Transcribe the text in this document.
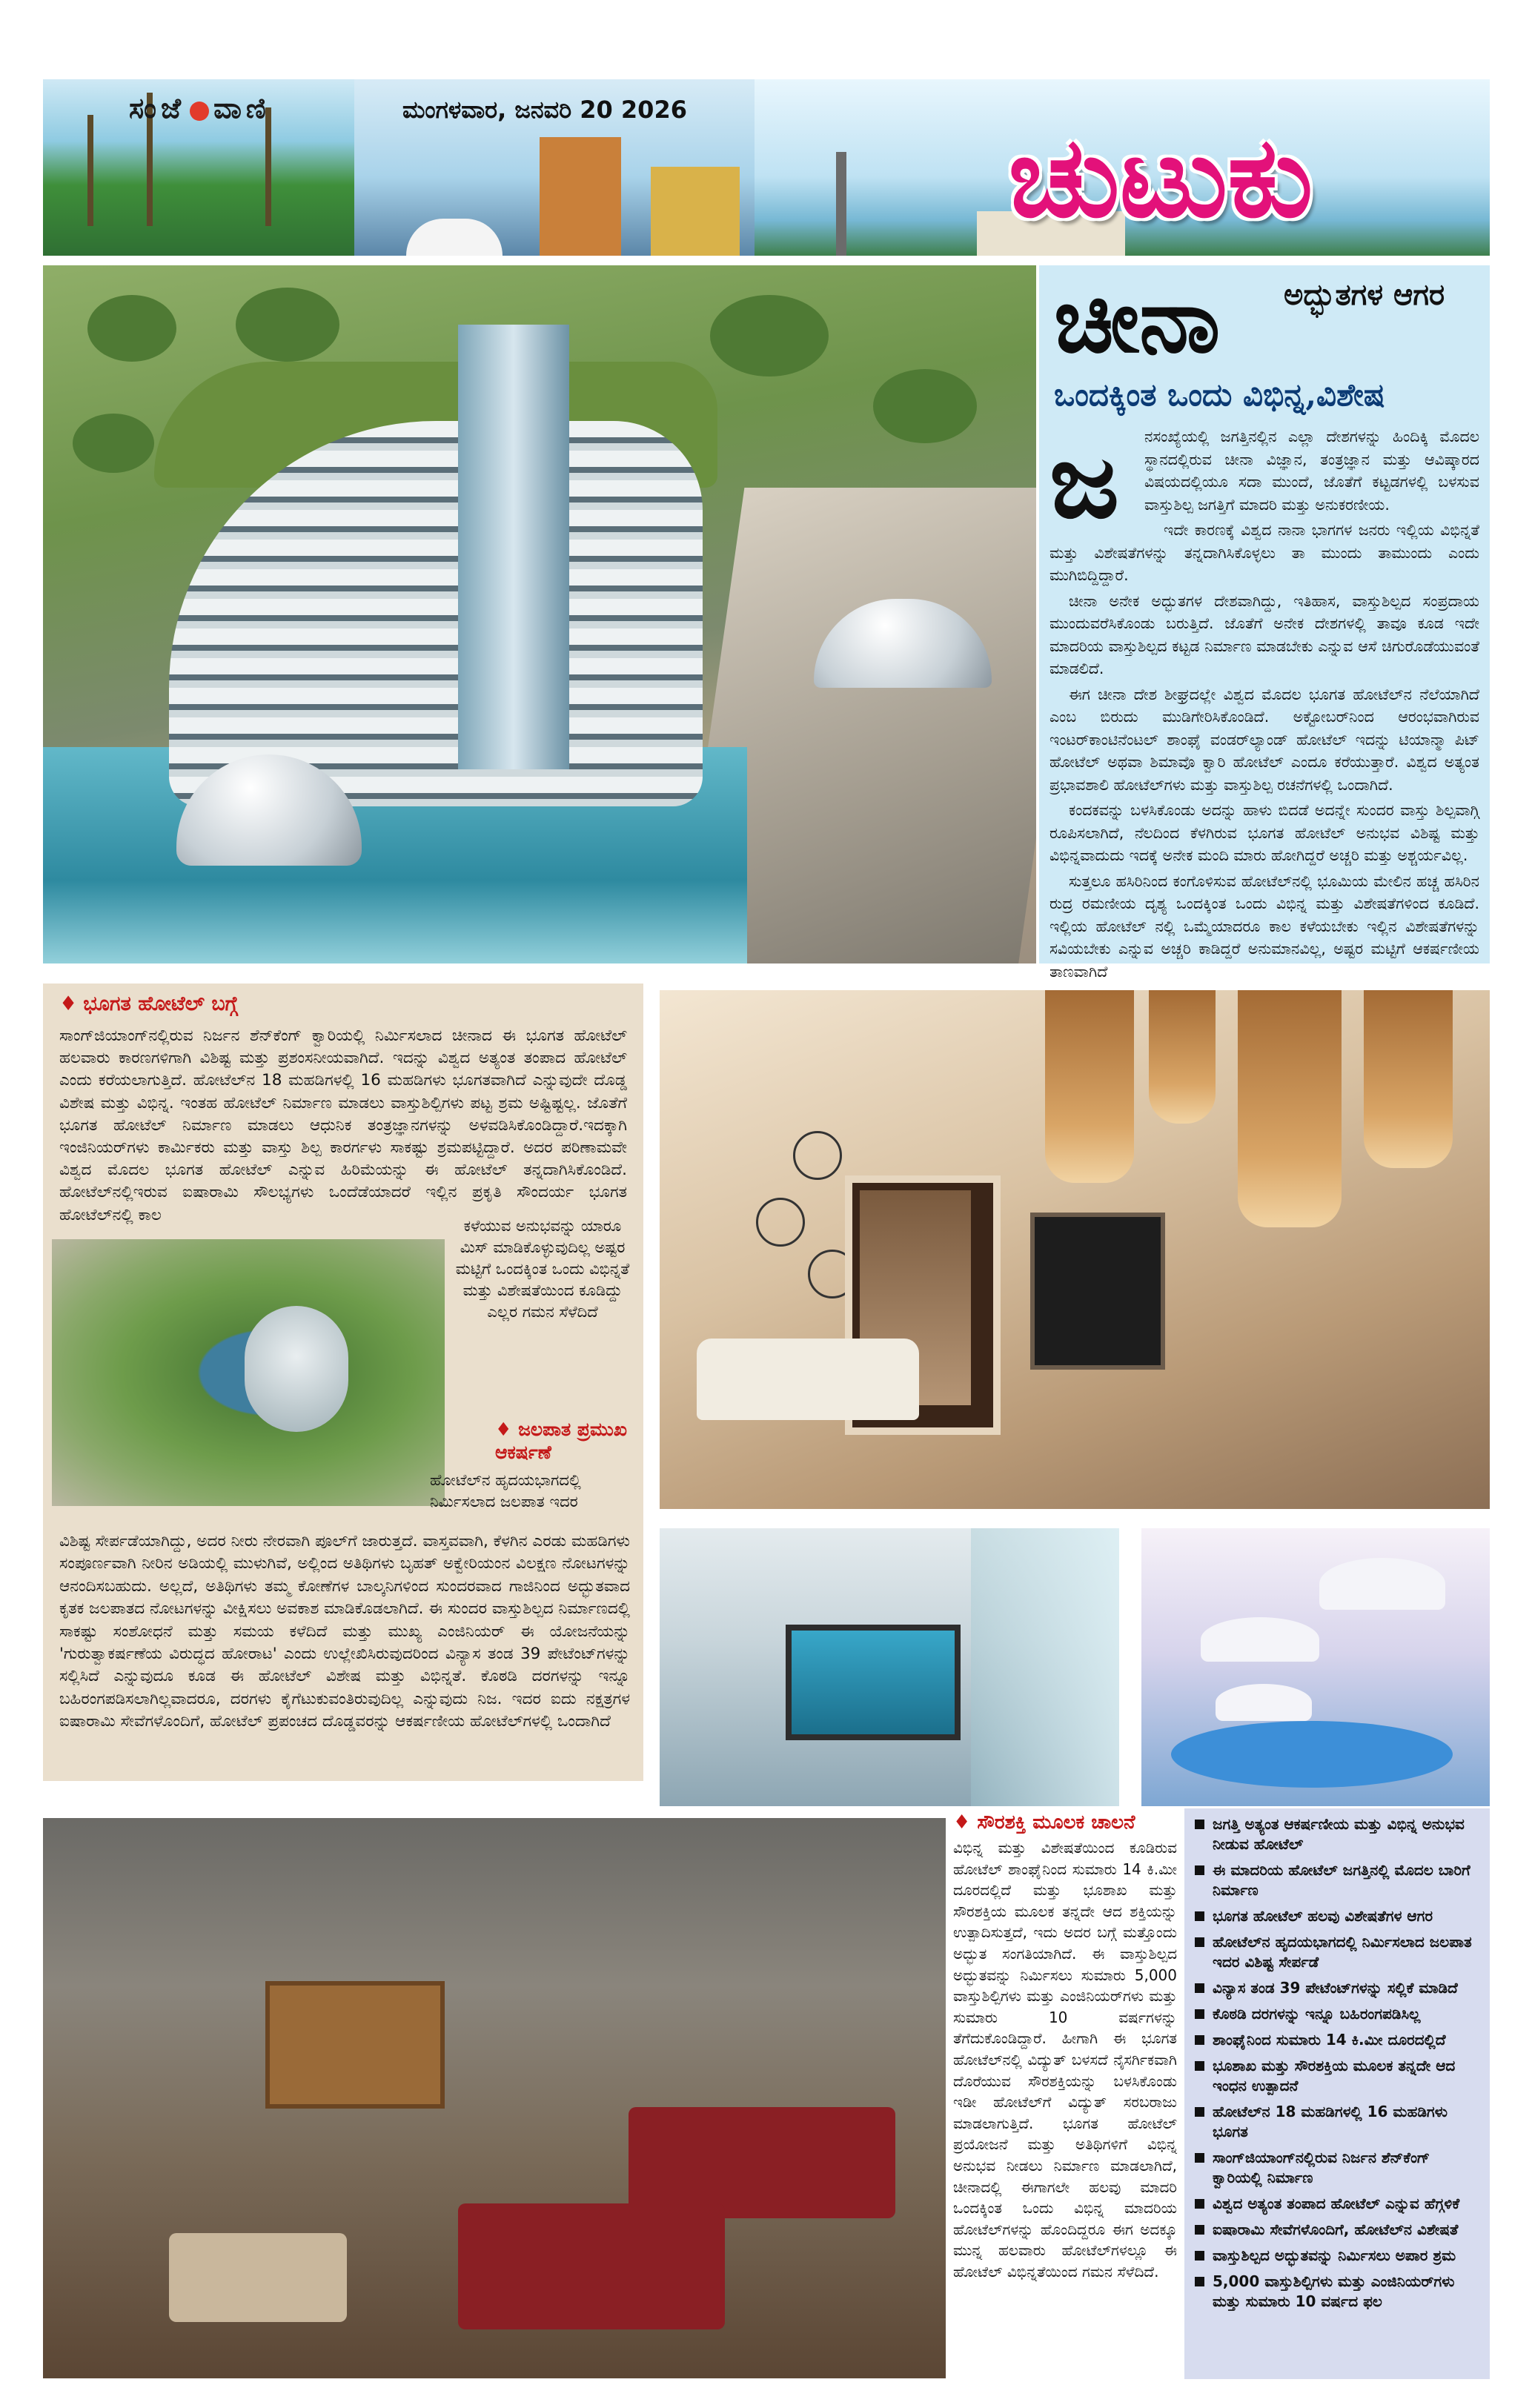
ಸಂಜೆ ವಾಣಿ	ಮಂಗಳವಾರ, ಜನವರಿ 20 2026
ಚುಟುಕು
ಚೀನಾ ಅದ್ಭುತಗಳ ಆಗರ
ಒಂದಕ್ಕಿಂತ ಒಂದು ವಿಭಿನ್ನ,ವಿಶೇಷ
ಜ	ನಸಂಖ್ಯೆಯಲ್ಲಿ ಜಗತ್ತಿನಲ್ಲಿನ ಎಲ್ಲಾ ದೇಶಗಳನ್ನು ಹಿಂದಿಕ್ಕಿ ಮೊದಲ ಸ್ಥಾನದಲ್ಲಿರುವ ಚೀನಾ ವಿಜ್ಞಾನ, ತಂತ್ರಜ್ಞಾನ ಮತ್ತು ಆವಿಷ್ಕಾರದ ವಿಷಯದಲ್ಲಿಯೂ ಸದಾ ಮುಂದೆ, ಜೊತೆಗೆ ಕಟ್ಟಡಗಳಲ್ಲಿ ಬಳಸುವ ವಾಸ್ತುಶಿಲ್ಪ ಜಗತ್ತಿಗೆ ಮಾದರಿ ಮತ್ತು ಅನುಕರಣೀಯ.

ಇದೇ ಕಾರಣಕ್ಕೆ ವಿಶ್ವದ ನಾನಾ ಭಾಗಗಳ ಜನರು ಇಲ್ಲಿಯ ವಿಭಿನ್ನತೆ ಮತ್ತು ವಿಶೇಷತೆಗಳನ್ನು ತನ್ನದಾಗಿಸಿಕೊಳ್ಳಲು ತಾ ಮುಂದು ತಾಮುಂದು ಎಂದು ಮುಗಿಬಿದ್ದಿದ್ದಾರೆ.

ಚೀನಾ ಅನೇಕ ಅದ್ಭುತಗಳ ದೇಶವಾಗಿದ್ದು, ಇತಿಹಾಸ, ವಾಸ್ತುಶಿಲ್ಪದ ಸಂಪ್ರದಾಯ ಮುಂದುವರೆಸಿಕೊಂಡು ಬರುತ್ತಿದೆ. ಜೊತೆಗೆ ಅನೇಕ ದೇಶಗಳಲ್ಲಿ ತಾವೂ ಕೂಡ ಇದೇ ಮಾದರಿಯ ವಾಸ್ತುಶಿಲ್ಪದ ಕಟ್ಟಡ ನಿರ್ಮಾಣ ಮಾಡಬೇಕು ಎನ್ನುವ ಆಸೆ ಚಿಗುರೊಡೆಯುವಂತೆ ಮಾಡಲಿದೆ.

ಈಗ ಚೀನಾ ದೇಶ ಶೀಘ್ರದಲ್ಲೇ ವಿಶ್ವದ ಮೊದಲ ಭೂಗತ ಹೋಟೆಲ್‌ನ ನೆಲೆಯಾಗಿದೆ ಎಂಬ ಬಿರುದು ಮುಡಿಗೇರಿಸಿಕೊಂಡಿದೆ. ಅಕ್ಟೋಬರ್‌ನಿಂದ ಆರಂಭವಾಗಿರುವ ಇಂಟರ್‌ಕಾಂಟಿನೆಂಟಲ್ ಶಾಂಘೈ ವಂಡರ್‌ಲ್ಯಾಂಡ್ ಹೋಟೆಲ್ ಇದನ್ನು ಟಿಯಾನ್ಮಾ ಪಿಟ್ ಹೋಟೆಲ್ ಅಥವಾ ಶಿಮಾವೊ ಕ್ವಾರಿ ಹೋಟೆಲ್ ಎಂದೂ ಕರೆಯುತ್ತಾರೆ. ವಿಶ್ವದ ಅತ್ಯಂತ ಪ್ರಭಾವಶಾಲಿ ಹೋಟೆಲ್‌ಗಳು ಮತ್ತು ವಾಸ್ತುಶಿಲ್ಪ ರಚನೆಗಳಲ್ಲಿ ಒಂದಾಗಿದೆ.

ಕಂದಕವನ್ನು ಬಳಸಿಕೊಂಡು ಅದನ್ನು ಹಾಳು ಬಿದಡೆ ಅದನ್ನೇ ಸುಂದರ ವಾಸ್ತು ಶಿಲ್ಪವಾಗ್ಗಿ ರೂಪಿಸಲಾಗಿದೆ, ನೆಲದಿಂದ ಕೆಳಗಿರುವ ಭೂಗತ ಹೋಟೆಲ್ ಅನುಭವ ವಿಶಿಷ್ಟ ಮತ್ತು ವಿಭಿನ್ನವಾದುದು ಇದಕ್ಕೆ ಅನೇಕ ಮಂದಿ ಮಾರು ಹೋಗಿದ್ದರೆ ಅಚ್ಚರಿ ಮತ್ತು ಅಶ್ಚರ್ಯವಿಲ್ಲ.

ಸುತ್ತಲೂ ಹಸಿರಿನಿಂದ ಕಂಗೊಳಿಸುವ ಹೋಟೆಲ್‌ನಲ್ಲಿ ಭೂಮಿಯ ಮೇಲಿನ ಹಚ್ಚ ಹಸಿರಿನ ರುದ್ರ ರಮಣೀಯ ದೃಶ್ಯ ಒಂದಕ್ಕಿಂತ ಒಂದು ವಿಭಿನ್ನ ಮತ್ತು ವಿಶೇಷತೆಗಳಿಂದ ಕೂಡಿದೆ. ಇಲ್ಲಿಯ ಹೋಟೆಲ್ ನಲ್ಲಿ ಒಮ್ಮೆಯಾದರೂ ಕಾಲ ಕಳೆಯಬೇಕು ಇಲ್ಲಿನ ವಿಶೇಷತೆಗಳನ್ನು ಸವಿಯಬೇಕು ಎನ್ನುವ ಅಚ್ಚರಿ ಕಾಡಿದ್ದರೆ ಅನುಮಾನವಿಲ್ಲ, ಅಷ್ಟರ ಮಟ್ಟಿಗೆ ಆಕರ್ಷಣೀಯ ತಾಣವಾಗಿದೆ

♦ ಭೂಗತ ಹೋಟೆಲ್ ಬಗ್ಗೆ

ಸಾಂಗ್‌ಜಿಯಾಂಗ್‌ನಲ್ಲಿರುವ ನಿರ್ಜನ ಶೆನ್‌ಕೆಂಗ್ ಕ್ವಾರಿಯಲ್ಲಿ ನಿರ್ಮಿಸಲಾದ ಚೀನಾದ ಈ ಭೂಗತ ಹೋಟೆಲ್ ಹಲವಾರು ಕಾರಣಗಳಿಗಾಗಿ ವಿಶಿಷ್ಟ ಮತ್ತು ಪ್ರಶಂಸನೀಯವಾಗಿದೆ. ಇದನ್ನು ವಿಶ್ವದ ಅತ್ಯಂತ ತಂಪಾದ ಹೋಟೆಲ್ ಎಂದು ಕರೆಯಲಾಗುತ್ತಿದೆ. ಹೋಟೆಲ್‌ನ 18 ಮಹಡಿಗಳಲ್ಲಿ 16 ಮಹಡಿಗಳು ಭೂಗತವಾಗಿದೆ ಎನ್ನುವುದೇ ದೊಡ್ಡ ವಿಶೇಷ ಮತ್ತು ವಿಭಿನ್ನ. ಇಂತಹ ಹೋಟೆಲ್ ನಿರ್ಮಾಣ ಮಾಡಲು ವಾಸ್ತುಶಿಲ್ಪಿಗಳು ಪಟ್ಟ ಶ್ರಮ ಅಷ್ಟಿಷ್ಟಲ್ಲ. ಜೊತೆಗೆ ಭೂಗತ ಹೋಟೆಲ್ ನಿರ್ಮಾಣ ಮಾಡಲು ಆಧುನಿಕ ತಂತ್ರಜ್ಞಾನಗಳನ್ನು ಅಳವಡಿಸಿಕೊಂಡಿದ್ದಾರೆ.ಇದಕ್ಕಾಗಿ ಇಂಜಿನಿಯರ್‌ಗಳು ಕಾರ್ಮಿಕರು ಮತ್ತು ವಾಸ್ತು ಶಿಲ್ಪ ಕಾರರ್ಗಳು ಸಾಕಷ್ಟು ಶ್ರಮಪಟ್ಟಿದ್ದಾರೆ. ಅದರ ಪರಿಣಾಮವೇ ವಿಶ್ವದ ಮೊದಲ ಭೂಗತ ಹೋಟೆಲ್ ಎನ್ನುವ ಹಿರಿಮೆಯನ್ನು ಈ ಹೋಟೆಲ್ ತನ್ನದಾಗಿಸಿಕೊಂಡಿದೆ. ಹೋಟೆಲ್‌ನಲ್ಲಿಇರುವ ಐಷಾರಾಮಿ ಸೌಲಭ್ಯಗಳು ಒಂದೆಡೆಯಾದರೆ ಇಲ್ಲಿನ ಪ್ರಕೃತಿ ಸೌಂದರ್ಯ ಭೂಗತ ಹೋಟೆಲ್‌ನಲ್ಲಿ ಕಾಲ

ಕಳೆಯುವ ಅನುಭವನ್ನು ಯಾರೂ ಮಿಸ್ ಮಾಡಿಕೊಳ್ಳುವುದಿಲ್ಲ ಅಷ್ಟರ ಮಟ್ಟಿಗೆ ಒಂದಕ್ಕಿಂತ ಒಂದು ವಿಭಿನ್ನತೆ ಮತ್ತು ವಿಶೇಷತೆಯಿಂದ ಕೂಡಿದ್ದು ಎಲ್ಲರ ಗಮನ ಸೆಳೆದಿದೆ
♦ ಜಲಪಾತ ಪ್ರಮುಖ ಆಕರ್ಷಣೆ
ಹೋಟೆಲ್‌ನ ಹೃದಯಭಾಗದಲ್ಲಿ ನಿರ್ಮಿಸಲಾದ ಜಲಪಾತ ಇದರ

ವಿಶಿಷ್ಟ ಸೇರ್ಪಡೆಯಾಗಿದ್ದು, ಅದರ ನೀರು ನೇರವಾಗಿ ಪೂಲ್‌ಗೆ ಜಾರುತ್ತದೆ. ವಾಸ್ತವವಾಗಿ, ಕೆಳಗಿನ ಎರಡು ಮಹಡಿಗಳು ಸಂಪೂರ್ಣವಾಗಿ ನೀರಿನ ಅಡಿಯಲ್ಲಿ ಮುಳುಗಿವೆ, ಅಲ್ಲಿಂದ ಅತಿಥಿಗಳು ಬೃಹತ್ ಅಕ್ವೇರಿಯಂನ ವಿಲಕ್ಷಣ ನೋಟಗಳನ್ನು ಆನಂದಿಸಬಹುದು. ಅಲ್ಲದೆ, ಅತಿಥಿಗಳು ತಮ್ಮ ಕೋಣೆಗಳ ಬಾಲ್ಕನಿಗಳಿಂದ ಸುಂದರವಾದ ಗಾಜಿನಿಂದ ಅದ್ಭುತವಾದ ಕೃತಕ ಜಲಪಾತದ ನೋಟಗಳನ್ನು ವೀಕ್ಷಿಸಲು ಅವಕಾಶ ಮಾಡಿಕೊಡಲಾಗಿದೆ. ಈ ಸುಂದರ ವಾಸ್ತುಶಿಲ್ಪದ ನಿರ್ಮಾಣದಲ್ಲಿ ಸಾಕಷ್ಟು ಸಂಶೋಧನೆ ಮತ್ತು ಸಮಯ ಕಳೆದಿದೆ ಮತ್ತು ಮುಖ್ಯ ಎಂಜಿನಿಯರ್ ಈ ಯೋಜನೆಯನ್ನು 'ಗುರುತ್ವಾಕರ್ಷಣೆಯ ವಿರುದ್ಧದ ಹೋರಾಟ' ಎಂದು ಉಲ್ಲೇಖಿಸಿರುವುದರಿಂದ ವಿನ್ಯಾಸ ತಂಡ 39 ಪೇಟೆಂಟ್‌ಗಳನ್ನು ಸಲ್ಲಿಸಿದೆ ಎನ್ನುವುದೂ ಕೂಡ ಈ ಹೋಟೆಲ್ ವಿಶೇಷ ಮತ್ತು ವಿಭಿನ್ನತೆ. ಕೊಠಡಿ ದರಗಳನ್ನು ಇನ್ನೂ ಬಹಿರಂಗಪಡಿಸಲಾಗಿಲ್ಲವಾದರೂ, ದರಗಳು ಕೈಗೆಟುಕುವಂತಿರುವುದಿಲ್ಲ ಎನ್ನುವುದು ನಿಜ. ಇದರ ಐದು ನಕ್ಷತ್ರಗಳ ಐಷಾರಾಮಿ ಸೇವೆಗಳೊಂದಿಗೆ, ಹೋಟೆಲ್ ಪ್ರಪಂಚದ ದೊಡ್ಡವರನ್ನು ಆಕರ್ಷಣೀಯ ಹೋಟೆಲ್‌ಗಳಲ್ಲಿ ಒಂದಾಗಿದೆ

♦ ಸೌರಶಕ್ತಿ ಮೂಲಕ ಚಾಲನೆ
ವಿಭಿನ್ನ ಮತ್ತು ವಿಶೇಷತೆಯಿಂದ ಕೂಡಿರುವ ಹೋಟೆಲ್ ಶಾಂಘೈನಿಂದ ಸುಮಾರು 14 ಕಿ.ಮೀ ದೂರದಲ್ಲಿದೆ ಮತ್ತು ಭೂಶಾಖ ಮತ್ತು ಸೌರಶಕ್ತಿಯ ಮೂಲಕ ತನ್ನದೇ ಆದ ಶಕ್ತಿಯನ್ನು ಉತ್ಪಾದಿಸುತ್ತದೆ, ಇದು ಅದರ ಬಗ್ಗೆ ಮತ್ತೊಂದು ಅದ್ಭುತ ಸಂಗತಿಯಾಗಿದೆ. ಈ ವಾಸ್ತುಶಿಲ್ಪದ ಅದ್ಭುತವನ್ನು ನಿರ್ಮಿಸಲು ಸುಮಾರು 5,000 ವಾಸ್ತುಶಿಲ್ಪಿಗಳು ಮತ್ತು ಎಂಜಿನಿಯರ್‌ಗಳು ಮತ್ತು ಸುಮಾರು 10 ವರ್ಷಗಳನ್ನು ತೆಗೆದುಕೊಂಡಿದ್ದಾರೆ. ಹೀಗಾಗಿ ಈ ಭೂಗತ ಹೋಟೆಲ್‌ನಲ್ಲಿ ವಿದ್ಯುತ್ ಬಳಸದೆ ನೈಸರ್ಗಿಕವಾಗಿ ದೊರೆಯುವ ಸೌರಶಕ್ತಿಯನ್ನು ಬಳಸಿಕೊಂಡು ಇಡೀ ಹೋಟೆಲ್‌ಗೆ ವಿದ್ಯುತ್ ಸರಬರಾಜು ಮಾಡಲಾಗುತ್ತಿದೆ. ಭೂಗತ ಹೋಟೆಲ್ ಪ್ರಯೋಜನೆ ಮತ್ತು ಅತಿಥಿಗಳಿಗೆ ವಿಭಿನ್ನ ಅನುಭವ ನೀಡಲು ನಿರ್ಮಾಣ ಮಾಡಲಾಗಿದೆ, ಚೀನಾದಲ್ಲಿ ಈಗಾಗಲೇ ಹಲವು ಮಾದರಿ ಒಂದಕ್ಕಿಂತ ಒಂದು ವಿಭಿನ್ನ ಮಾದರಿಯ ಹೋಟೆಲ್‌ಗಳನ್ನು ಹೊಂದಿದ್ದರೂ ಈಗ ಅದಕ್ಕೂ ಮುನ್ನ ಹಲವಾರು ಹೋಟೆಲ್‌ಗಳಲ್ಲೂ ಈ ಹೋಟೆಲ್ ವಿಭಿನ್ನತೆಯಿಂದ ಗಮನ ಸೆಳೆದಿದೆ.
ಜಗತ್ತಿ ಅತ್ಯಂತ ಆಕರ್ಷಣೀಯ ಮತ್ತು ವಿಭಿನ್ನ ಅನುಭವ ನೀಡುವ ಹೋಟೆಲ್
ಈ ಮಾದರಿಯ ಹೋಟೆಲ್ ಜಗತ್ತಿನಲ್ಲಿ ಮೊದಲ ಬಾರಿಗೆ ನಿರ್ಮಾಣ
ಭೂಗತ ಹೋಟೆಲ್ ಹಲವು ವಿಶೇಷತೆಗಳ ಆಗರ
ಹೋಟೆಲ್‌ನ ಹೃದಯಭಾಗದಲ್ಲಿ ನಿರ್ಮಿಸಲಾದ ಜಲಪಾತ ಇದರ ವಿಶಿಷ್ಟ ಸೇರ್ಪಡೆ
ವಿನ್ಯಾಸ ತಂಡ 39 ಪೇಟೆಂಟ್‌ಗಳನ್ನು ಸಲ್ಲಿಕೆ ಮಾಡಿದೆ
ಕೊಠಡಿ ದರಗಳನ್ನು ಇನ್ನೂ ಬಹಿರಂಗಪಡಿಸಿಲ್ಲ
ಶಾಂಘೈನಿಂದ ಸುಮಾರು 14 ಕಿ.ಮೀ ದೂರದಲ್ಲಿದೆ
ಭೂಶಾಖ ಮತ್ತು ಸೌರಶಕ್ತಿಯ ಮೂಲಕ ತನ್ನದೇ ಆದ ಇಂಧನ ಉತ್ಪಾದನೆ
ಹೋಟೆಲ್‌ನ 18 ಮಹಡಿಗಳಲ್ಲಿ 16 ಮಹಡಿಗಳು ಭೂಗತ
ಸಾಂಗ್‌ಜಿಯಾಂಗ್‌ನಲ್ಲಿರುವ ನಿರ್ಜನ ಶೆನ್‌ಕೆಂಗ್ ಕ್ವಾರಿಯಲ್ಲಿ ನಿರ್ಮಾಣ
ವಿಶ್ವದ ಅತ್ಯಂತ ತಂಪಾದ ಹೋಟೆಲ್ ಎನ್ನುವ ಹೆಗ್ಗಳಿಕೆ
ಐಷಾರಾಮಿ ಸೇವೆಗಳೊಂದಿಗೆ, ಹೋಟೆಲ್‌ನ ವಿಶೇಷತೆ
ವಾಸ್ತುಶಿಲ್ಪದ ಅದ್ಭುತವನ್ನು ನಿರ್ಮಿಸಲು ಅಪಾರ ಶ್ರಮ
5,000 ವಾಸ್ತುಶಿಲ್ಪಿಗಳು ಮತ್ತು ಎಂಜಿನಿಯರ್‌ಗಳು ಮತ್ತು ಸುಮಾರು 10 ವರ್ಷದ ಫಲ
